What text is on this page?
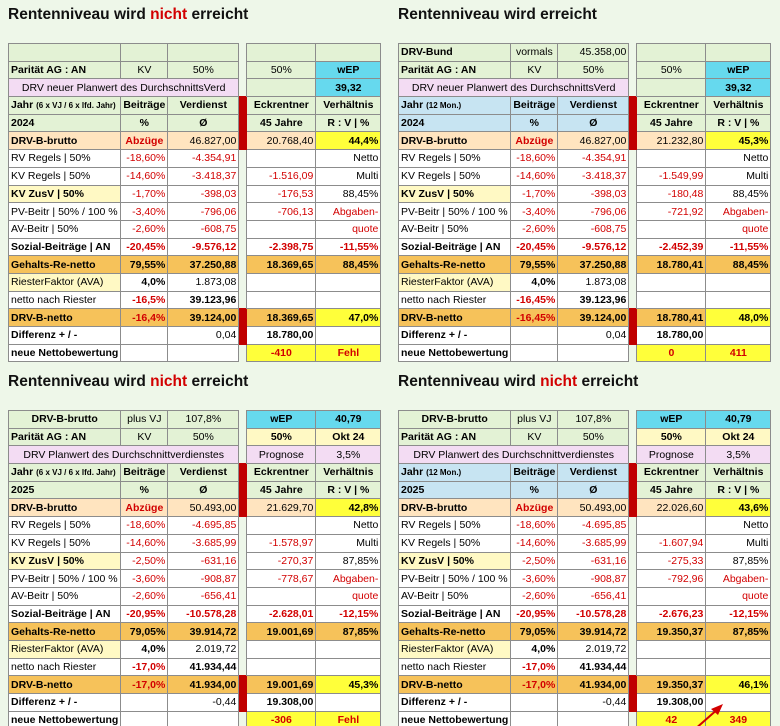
Rentenniveau wird nicht erreicht

Parität AG : AN	KV	50%		50%	wEP
DRV neuer Planwert des DurchschnittsVerd					39,32
Jahr (6 x VJ / 6 x lfd. Jahr)	Beiträge	Verdienst		Eckrentner	Verhältnis
2024	%	Ø		45 Jahre	R : V | %
DRV-B-brutto	Abzüge	46.827,00		20.768,40	44,4%
RV Regels | 50%	-18,60%	-4.354,91			Netto
KV Regels | 50%	-14,60%	-3.418,37		-1.516,09	Multi
KV ZusV | 50%	-1,70%	-398,03		-176,53	88,45%
PV-Beitr | 50% / 100 %	-3,40%	-796,06		-706,13	Abgaben-
AV-Beitr | 50%	-2,60%	-608,75			quote
Sozial-Beiträge | AN	-20,45%	-9.576,12		-2.398,75	-11,55%
Gehalts-Re-netto	79,55%	37.250,88		18.369,65	88,45%
RiesterFaktor (AVA)	4,0%	1.873,08			
netto nach Riester	-16,5%	39.123,96			
DRV-B-netto	-16,4%	39.124,00		18.369,65	47,0%
Differenz + / -		0,04		18.780,00	
neue Nettobewertung				-410	Fehl
Rentenniveau wird erreicht
DRV-Bund	vormals	45.358,00			
Parität AG : AN	KV	50%		50%	wEP
DRV neuer Planwert des DurchschnittsVerd					39,32
Jahr (12 Mon.)	Beiträge	Verdienst		Eckrentner	Verhältnis
2024	%	Ø		45 Jahre	R : V | %
DRV-B-brutto	Abzüge	46.827,00		21.232,80	45,3%
RV Regels | 50%	-18,60%	-4.354,91			Netto
KV Regels | 50%	-14,60%	-3.418,37		-1.549,99	Multi
KV ZusV | 50%	-1,70%	-398,03		-180,48	88,45%
PV-Beitr | 50% / 100 %	-3,40%	-796,06		-721,92	Abgaben-
AV-Beitr | 50%	-2,60%	-608,75			quote
Sozial-Beiträge | AN	-20,45%	-9.576,12		-2.452,39	-11,55%
Gehalts-Re-netto	79,55%	37.250,88		18.780,41	88,45%
RiesterFaktor (AVA)	4,0%	1.873,08			
netto nach Riester	-16,45%	39.123,96			
DRV-B-netto	-16,45%	39.124,00		18.780,41	48,0%
Differenz + / -		0,04		18.780,00	
neue Nettobewertung				0	411
Rentenniveau wird nicht erreicht
DRV-B-brutto	plus VJ	107,8%		wEP	40,79
Parität AG : AN	KV	50%		50%	Okt 24
DRV Planwert des Durchschnittverdienstes				Prognose	3,5%
Jahr (6 x VJ / 6 x lfd. Jahr)	Beiträge	Verdienst		Eckrentner	Verhältnis
2025	%	Ø		45 Jahre	R : V | %
DRV-B-brutto	Abzüge	50.493,00		21.629,70	42,8%
RV Regels | 50%	-18,60%	-4.695,85			Netto
KV Regels | 50%	-14,60%	-3.685,99		-1.578,97	Multi
KV ZusV | 50%	-2,50%	-631,16		-270,37	87,85%
PV-Beitr | 50% / 100 %	-3,60%	-908,87		-778,67	Abgaben-
AV-Beitr | 50%	-2,60%	-656,41			quote
Sozial-Beiträge | AN	-20,95%	-10.578,28		-2.628,01	-12,15%
Gehalts-Re-netto	79,05%	39.914,72		19.001,69	87,85%
RiesterFaktor (AVA)	4,0%	2.019,72			
netto nach Riester	-17,0%	41.934,44			
DRV-B-netto	-17,0%	41.934,00		19.001,69	45,3%
Differenz + / -		-0,44		19.308,00	
neue Nettobewertung				-306	Fehl
Rentenniveau wird nicht erreicht
DRV-B-brutto	plus VJ	107,8%		wEP	40,79
Parität AG : AN	KV	50%		50%	Okt 24
DRV Planwert des Durchschnittverdienstes				Prognose	3,5%
Jahr (12 Mon.)	Beiträge	Verdienst		Eckrentner	Verhältnis
2025	%	Ø		45 Jahre	R : V | %
DRV-B-brutto	Abzüge	50.493,00		22.026,60	43,6%
RV Regels | 50%	-18,60%	-4.695,85			Netto
KV Regels | 50%	-14,60%	-3.685,99		-1.607,94	Multi
KV ZusV | 50%	-2,50%	-631,16		-275,33	87,85%
PV-Beitr | 50% / 100 %	-3,60%	-908,87		-792,96	Abgaben-
AV-Beitr | 50%	-2,60%	-656,41			quote
Sozial-Beiträge | AN	-20,95%	-10.578,28		-2.676,23	-12,15%
Gehalts-Re-netto	79,05%	39.914,72		19.350,37	87,85%
RiesterFaktor (AVA)	4,0%	2.019,72			
netto nach Riester	-17,0%	41.934,44			
DRV-B-netto	-17,0%	41.934,00		19.350,37	46,1%
Differenz + / -		-0,44		19.308,00	
neue Nettobewertung				42	349
